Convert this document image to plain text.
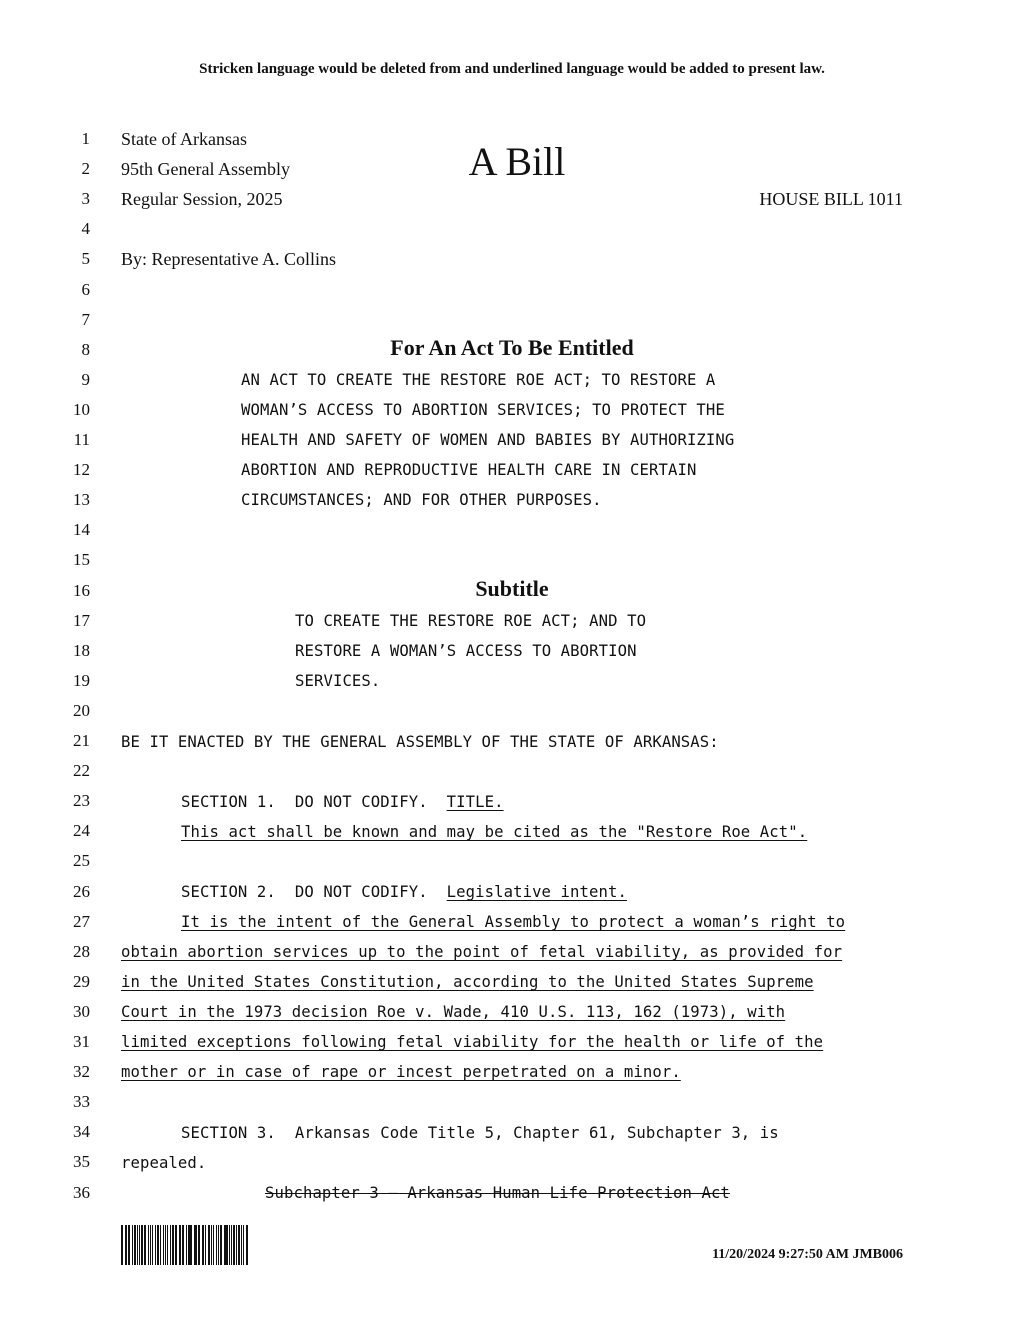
Stricken language would be deleted from and underlined language would be added to present law.
1
2
3
4
5
6
7
8
9
10
11
12
13
14
15
16
17
18
19
20
21
22
23
24
25
26
27
28
29
30
31
32
33
34
35
36
State of Arkansas
95th General Assembly	A Bill
Regular Session, 2025	HOUSE BILL 1011
By: Representative A. Collins
For An Act To Be Entitled
AN ACT TO CREATE THE RESTORE ROE ACT; TO RESTORE A
WOMAN’S ACCESS TO ABORTION SERVICES; TO PROTECT THE
HEALTH AND SAFETY OF WOMEN AND BABIES BY AUTHORIZING
ABORTION AND REPRODUCTIVE HEALTH CARE IN CERTAIN
CIRCUMSTANCES; AND FOR OTHER PURPOSES.
Subtitle
TO CREATE THE RESTORE ROE ACT; AND TO
RESTORE A WOMAN’S ACCESS TO ABORTION
SERVICES.
BE IT ENACTED BY THE GENERAL ASSEMBLY OF THE STATE OF ARKANSAS:
SECTION 1.  DO NOT CODIFY.  TITLE.
This act shall be known and may be cited as the "Restore Roe Act".
SECTION 2.  DO NOT CODIFY.  Legislative intent.
It is the intent of the General Assembly to protect a woman’s right to
obtain abortion services up to the point of fetal viability, as provided for
in the United States Constitution, according to the United States Supreme
Court in the 1973 decision Roe v. Wade, 410 U.S. 113, 162 (1973), with
limited exceptions following fetal viability for the health or life of the
mother or in case of rape or incest perpetrated on a minor.
SECTION 3.  Arkansas Code Title 5, Chapter 61, Subchapter 3, is
repealed.
Subchapter 3 — Arkansas Human Life Protection Act
11/20/2024 9:27:50 AM JMB006
